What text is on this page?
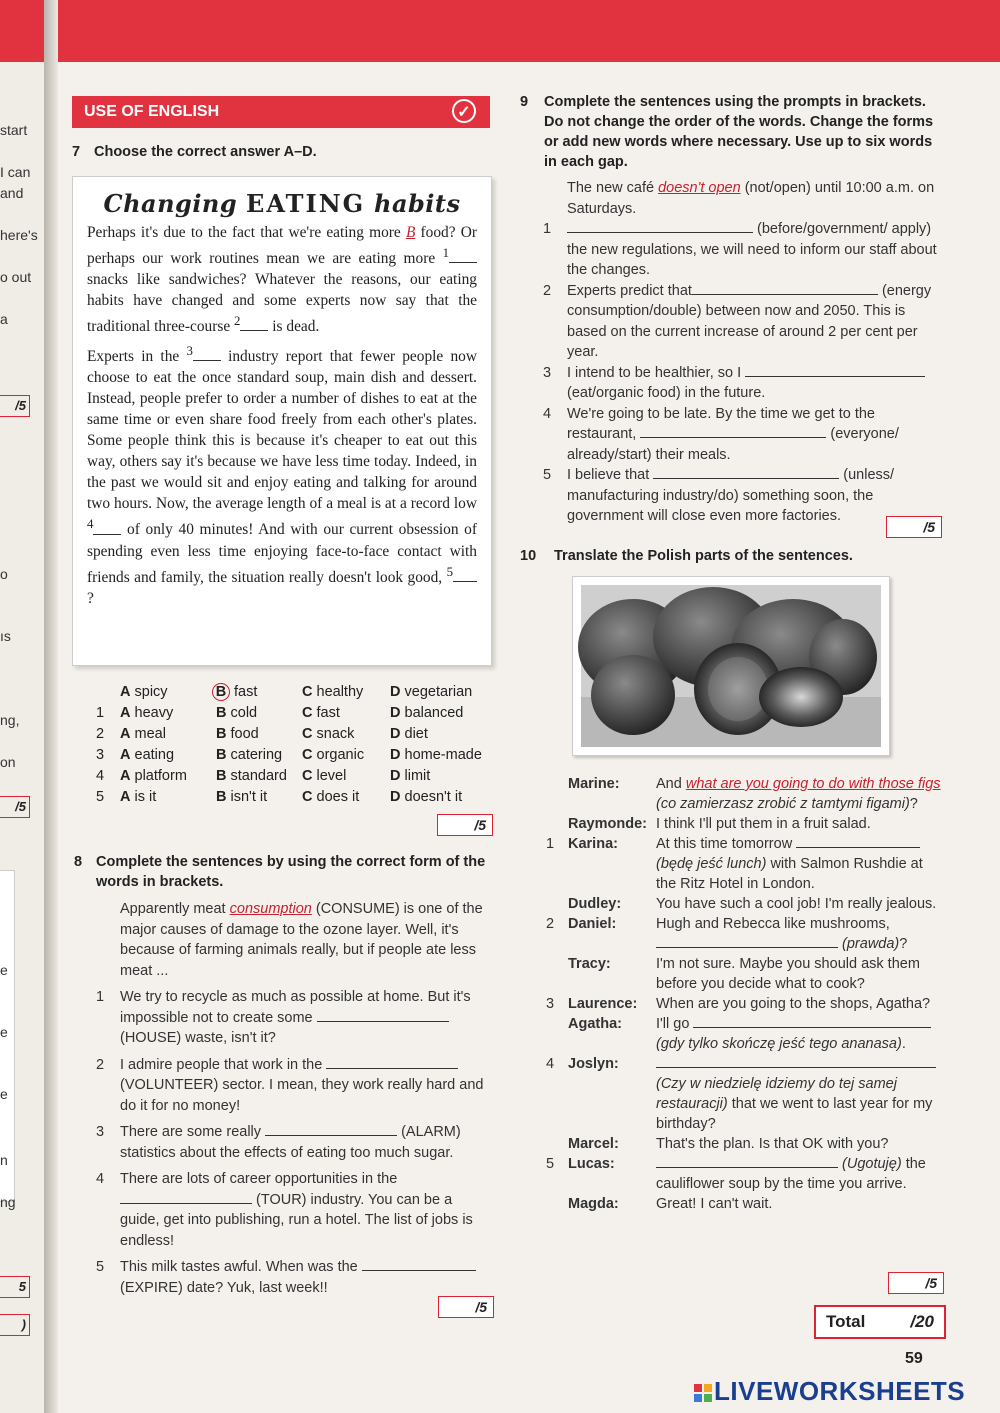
start
I can
and
here's
o out
a
/5
o
ıs
ng,
on
/5
e
e
e
n
ng
5
)
USE OF ENGLISH	✓
7 Choose the correct answer A–D.
Changing EATING habits

Perhaps it's due to the fact that we're eating more B food? Or perhaps our work routines mean we are eating more $^1$ snacks like sandwiches? Whatever the reasons, our eating habits have changed and some experts now say that the traditional three-course $^2$ is dead.

Experts in the $^3$ industry report that fewer people now choose to eat the once standard soup, main dish and dessert. Instead, people prefer to order a number of dishes to eat at the same time or even share food freely from each other's plates. Some people think this is because it's cheaper to eat out this way, others say it's because we have less time today. Indeed, in the past we would sit and enjoy eating and talking for around two hours. Now, the average length of a meal is at a record low $^4$ of only 40 minutes! And with our current obsession of spending even less time enjoying face-to-face contact with friends and family, the situation really doesn't look good, $^5$ ?

A spicy	B fast	C healthy D vegetarian
1 A heavy	B cold	C fast	D balanced
2 A meal	B food	C snack D diet
3 A eating	B catering C organic D home-made
4 A platform B standard C level	D limit
5 A is it	B isn't it C does it D doesn't it
/5
8 Complete the sentences by using the correct form of the words in brackets.
Apparently meat consumption (CONSUME) is one of the major causes of damage to the ozone layer. Well, it's because of farming animals really, but if people ate less meat ...
1 We try to recycle as much as possible at home. But it's impossible not to create some  (HOUSE) waste, isn't it?
2 I admire people that work in the  (VOLUNTEER) sector. I mean, they work really hard and do it for no money!
3 There are some really	(ALARM) statistics about the effects of eating too much sugar.
4 There are lots of career opportunities in the  (TOUR) industry. You can be a guide, get into publishing, run a hotel. The list of jobs is endless!
5 This milk tastes awful. When was the  (EXPIRE) date? Yuk, last week!!
/5
9 Complete the sentences using the prompts in brackets. Do not change the order of the words. Change the forms or add new words where necessary. Use up to six words in each gap.
The new café doesn't open (not/open) until 10:00 a.m. on Saturdays.
1	(before/government/ apply) the new regulations, we will need to inform our staff about the changes.
2 Experts predict that	(energy consumption/double) between now and 2050. This is based on the current increase of around 2 per cent per year.
3 I intend to be healthier, so I  (eat/organic food) in the future.
4 We're going to be late. By the time we get to the restaurant,	(everyone/ already/start) their meals.
5 I believe that	(unless/ manufacturing industry/do) something soon, the government will close even more factories.
/5
10 Translate the Polish parts of the sentences.
Marine:	And what are you going to do with those figs (co zamierzasz zrobić z tamtymi figami)?
Raymonde: I think I'll put them in a fruit salad.
1 Karina:	At this time tomorrow  (będę jeść lunch) with Salmon Rushdie at the Ritz Hotel in London.
Dudley: You have such a cool job! I'm really jealous.
2 Daniel:	Hugh and Rebecca like mushrooms,  (prawda)?
Tracy:	I'm not sure. Maybe you should ask them before you decide what to cook?
3 Laurence: When are you going to the shops, Agatha?
Agatha: I'll go  (gdy tylko skończę jeść tego ananasa).
4 Joslyn:

(Czy w niedzielę idziemy do tej samej restauracji) that we went to last year for my birthday?
Marcel:	That's the plan. Is that OK with you?
5 Lucas:	(Ugotuję) the cauliflower soup by the time you arrive.
Magda:	Great! I can't wait.
/5
Total	/20
59
LIVEWORKSHEETS
